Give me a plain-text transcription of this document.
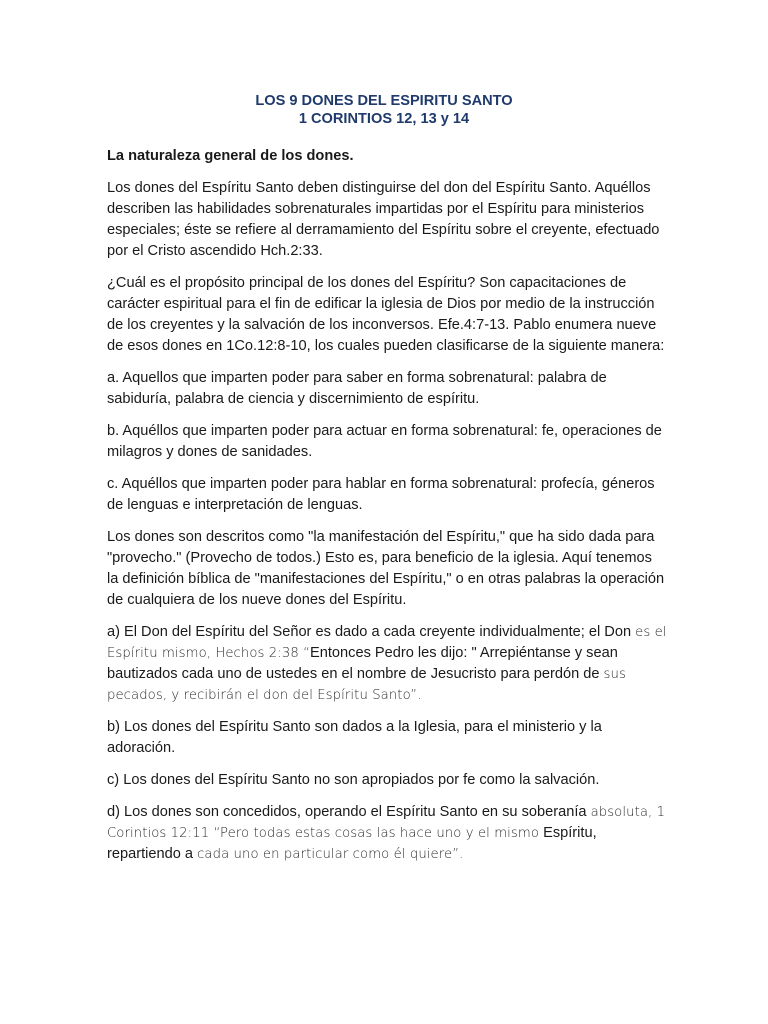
LOS 9 DONES DEL ESPIRITU SANTO
1 CORINTIOS 12, 13 y 14

La naturaleza general de los dones.

Los dones del Espíritu Santo deben distinguirse del don del Espíritu Santo. Aquéllos describen las habilidades sobrenaturales impartidas por el Espíritu para ministerios especiales; éste se refiere al derramamiento del Espíritu sobre el creyente, efectuado por el Cristo ascendido Hch.2:33.

¿Cuál es el propósito principal de los dones del Espíritu? Son capacitaciones de carácter espiritual para el fin de edificar la iglesia de Dios por medio de la instrucción de los creyentes y la salvación de los inconversos. Efe.4:7-13. Pablo enumera nueve de esos dones en 1Co.12:8-10, los cuales pueden clasificarse de la siguiente manera:

a. Aquellos que imparten poder para saber en forma sobrenatural: palabra de sabiduría, palabra de ciencia y discernimiento de espíritu.

b. Aquéllos que imparten poder para actuar en forma sobrenatural: fe, operaciones de milagros y dones de sanidades.

c. Aquéllos que imparten poder para hablar en forma sobrenatural: profecía, géneros de lenguas e interpretación de lenguas.

Los dones son descritos como "la manifestación del Espíritu," que ha sido dada para "provecho." (Provecho de todos.) Esto es, para beneficio de la iglesia. Aquí tenemos la definición bíblica de "manifestaciones del Espíritu," o en otras palabras la operación de cualquiera de los nueve dones del Espíritu.

a) El Don del Espíritu del Señor es dado a cada creyente individualmente; el Don es el Espíritu mismo, Hechos 2:38 “Entonces Pedro les dijo: " Arrepiéntanse y sean bautizados cada uno de ustedes en el nombre de Jesucristo para perdón de sus pecados, y recibirán el don del Espíritu Santo”.

b) Los dones del Espíritu Santo son dados a la Iglesia, para el ministerio y la adoración.

c) Los dones del Espíritu Santo no son apropiados por fe como la salvación.

d) Los dones son concedidos, operando el Espíritu Santo en su soberanía absoluta, 1 Corintios 12:11 “Pero todas estas cosas las hace uno y el mismo Espíritu, repartiendo a cada uno en particular como él quiere”.
